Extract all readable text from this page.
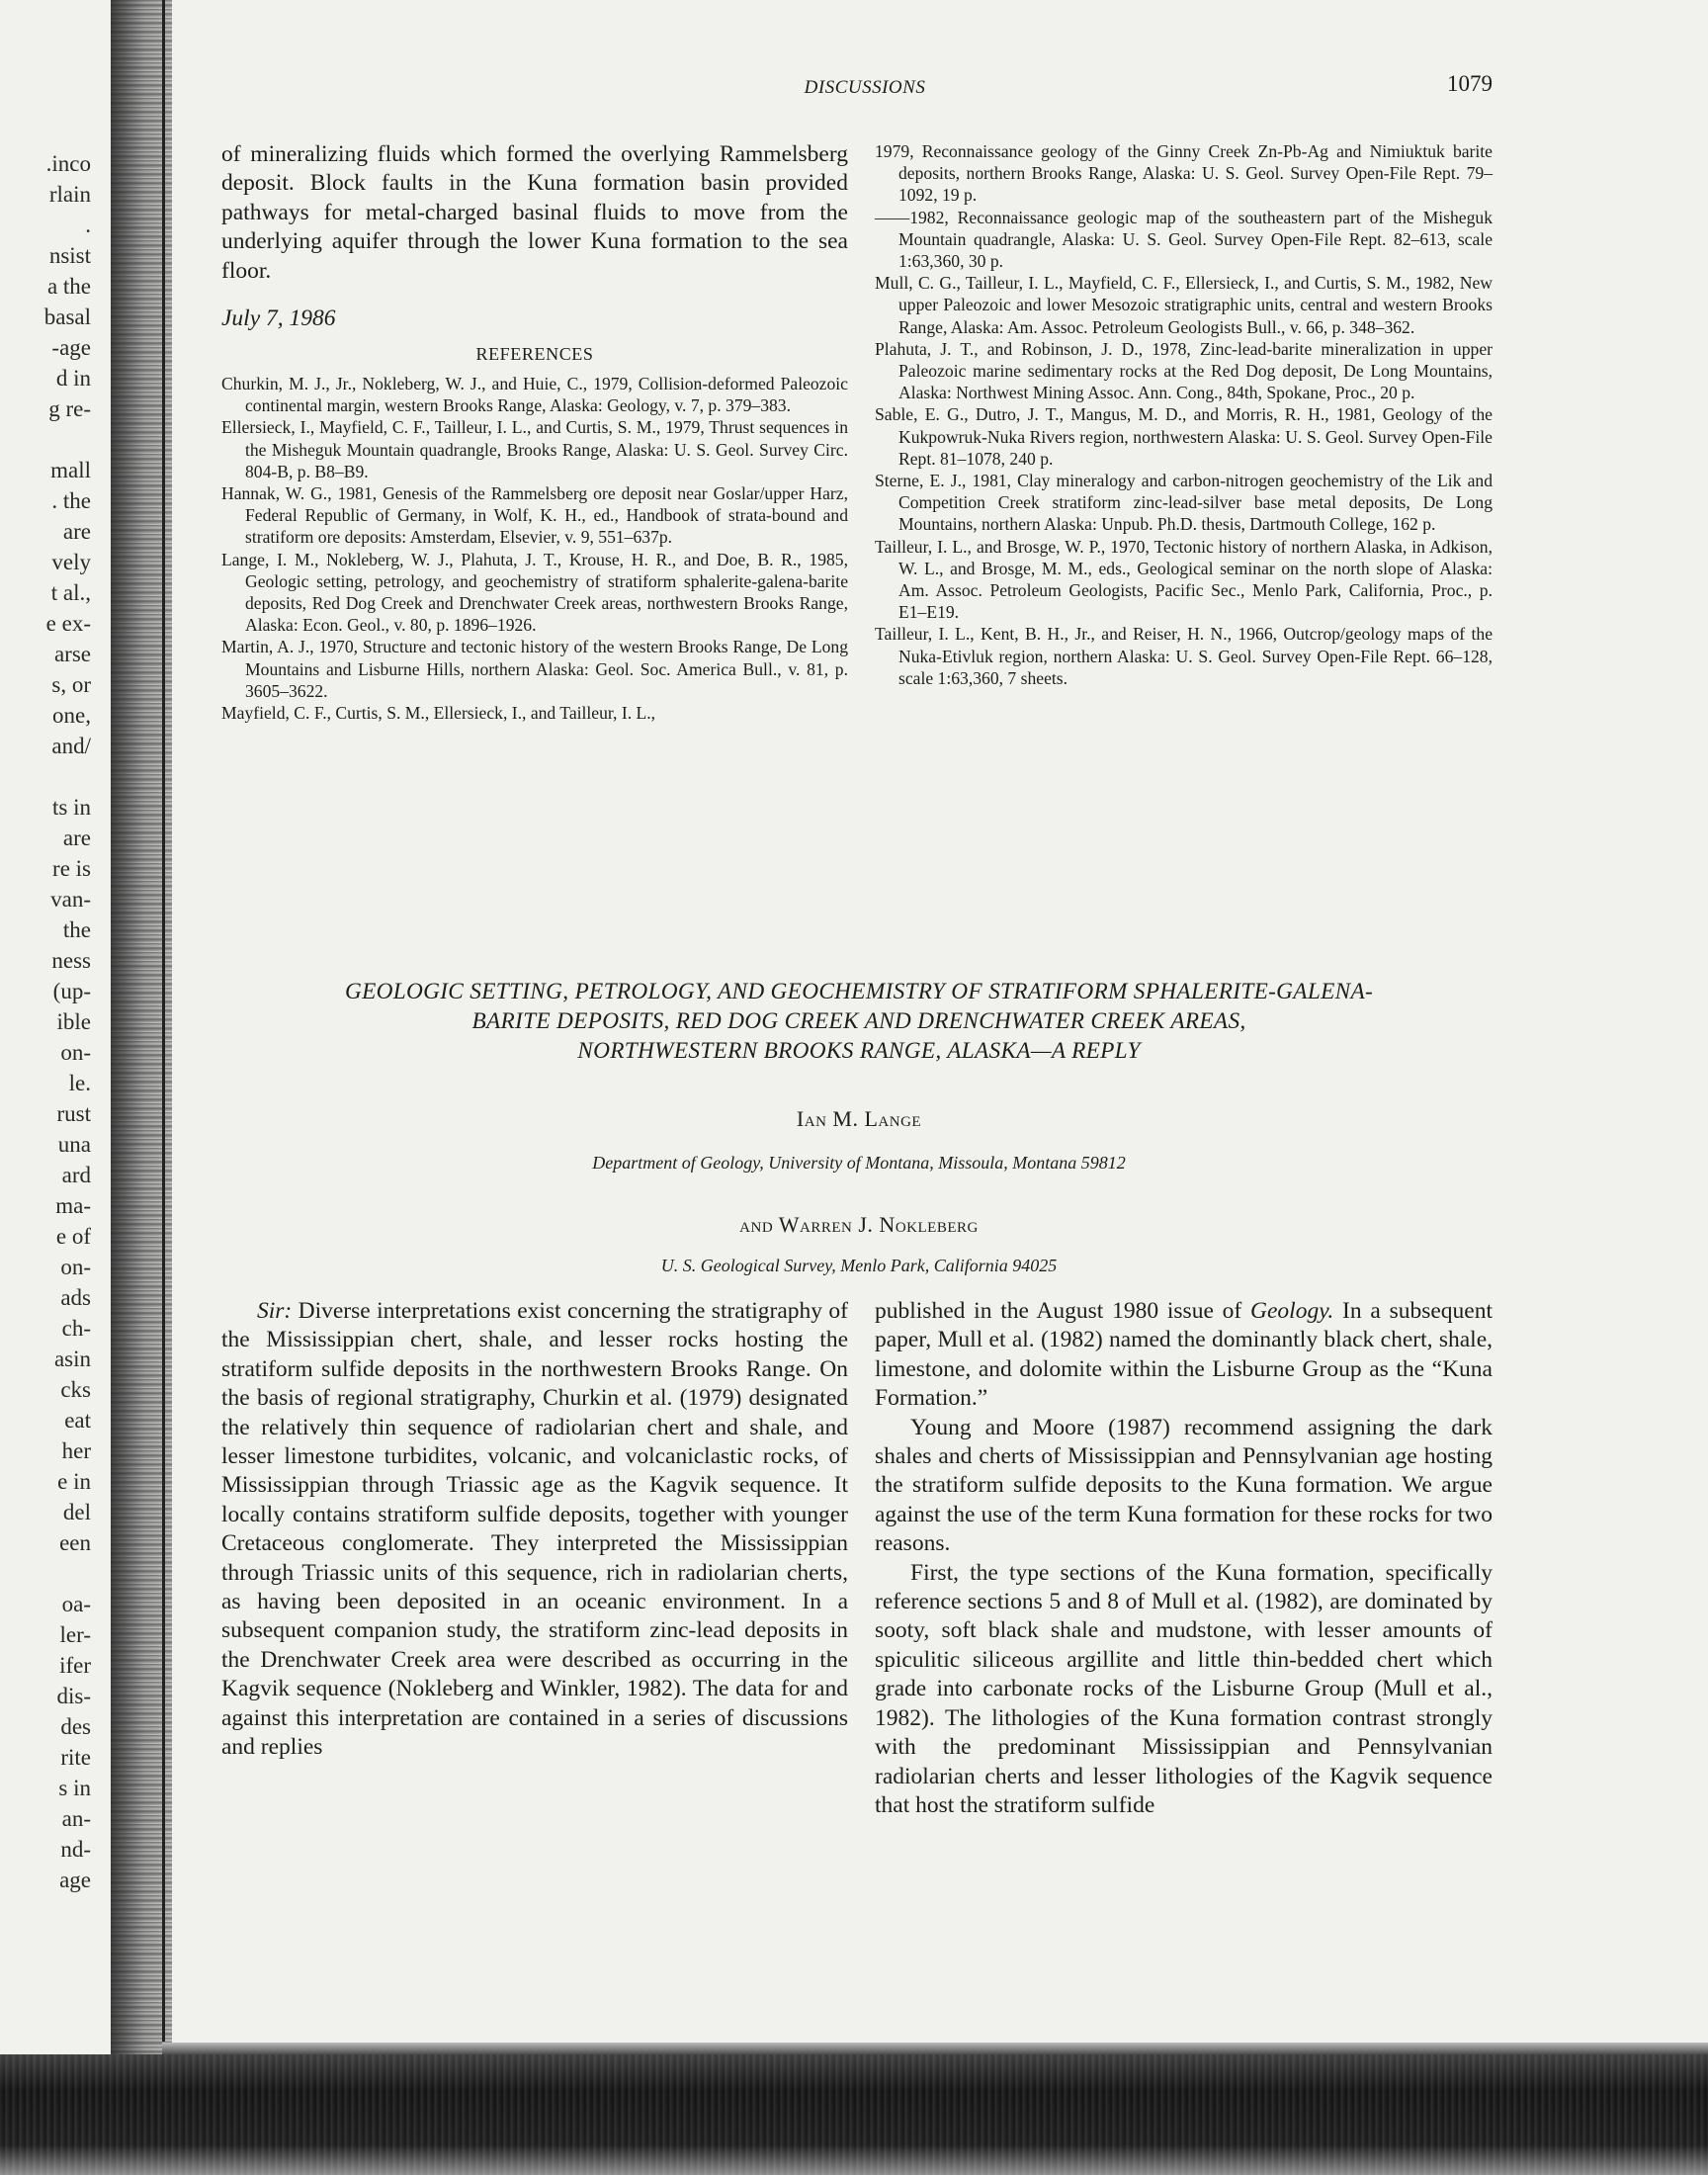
.inco
rlain
.
nsist
a the
basal
-age
d in
g re-
mall
. the
are
vely
t al.,
e ex-
arse
s, or
one,
and/
ts in
are
re is
van-
the
ness
(up-
ible
on-
le.
rust
una
ard
ma-
e of
on-
ads
ch-
asin
cks
eat
her
e in
del
een
oa-
ler-
ifer
dis-
des
rite
s in
an-
nd-
age
DISCUSSIONS	1079

of mineralizing fluids which formed the overlying Rammelsberg deposit. Block faults in the Kuna formation basin provided pathways for metal-charged basinal fluids to move from the underlying aquifer through the lower Kuna formation to the sea floor.

July 7, 1986
REFERENCES

Churkin, M. J., Jr., Nokleberg, W. J., and Huie, C., 1979, Collision-deformed Paleozoic continental margin, western Brooks Range, Alaska: Geology, v. 7, p. 379–383.

Ellersieck, I., Mayfield, C. F., Tailleur, I. L., and Curtis, S. M., 1979, Thrust sequences in the Misheguk Mountain quadrangle, Brooks Range, Alaska: U. S. Geol. Survey Circ. 804-B, p. B8–B9.

Hannak, W. G., 1981, Genesis of the Rammelsberg ore deposit near Goslar/upper Harz, Federal Republic of Germany, in Wolf, K. H., ed., Handbook of strata-bound and stratiform ore deposits: Amsterdam, Elsevier, v. 9, 551–637p.

Lange, I. M., Nokleberg, W. J., Plahuta, J. T., Krouse, H. R., and Doe, B. R., 1985, Geologic setting, petrology, and geochemistry of stratiform sphalerite-galena-barite deposits, Red Dog Creek and Drenchwater Creek areas, northwestern Brooks Range, Alaska: Econ. Geol., v. 80, p. 1896–1926.

Martin, A. J., 1970, Structure and tectonic history of the western Brooks Range, De Long Mountains and Lisburne Hills, northern Alaska: Geol. Soc. America Bull., v. 81, p. 3605–3622.

Mayfield, C. F., Curtis, S. M., Ellersieck, I., and Tailleur, I. L.,

1979, Reconnaissance geology of the Ginny Creek Zn-Pb-Ag and Nimiuktuk barite deposits, northern Brooks Range, Alaska: U. S. Geol. Survey Open-File Rept. 79–1092, 19 p.

——1982, Reconnaissance geologic map of the southeastern part of the Misheguk Mountain quadrangle, Alaska: U. S. Geol. Survey Open-File Rept. 82–613, scale 1:63,360, 30 p.

Mull, C. G., Tailleur, I. L., Mayfield, C. F., Ellersieck, I., and Curtis, S. M., 1982, New upper Paleozoic and lower Mesozoic stratigraphic units, central and western Brooks Range, Alaska: Am. Assoc. Petroleum Geologists Bull., v. 66, p. 348–362.

Plahuta, J. T., and Robinson, J. D., 1978, Zinc-lead-barite mineralization in upper Paleozoic marine sedimentary rocks at the Red Dog deposit, De Long Mountains, Alaska: Northwest Mining Assoc. Ann. Cong., 84th, Spokane, Proc., 20 p.

Sable, E. G., Dutro, J. T., Mangus, M. D., and Morris, R. H., 1981, Geology of the Kukpowruk-Nuka Rivers region, northwestern Alaska: U. S. Geol. Survey Open-File Rept. 81–1078, 240 p.

Sterne, E. J., 1981, Clay mineralogy and carbon-nitrogen geochemistry of the Lik and Competition Creek stratiform zinc-lead-silver base metal deposits, De Long Mountains, northern Alaska: Unpub. Ph.D. thesis, Dartmouth College, 162 p.

Tailleur, I. L., and Brosge, W. P., 1970, Tectonic history of northern Alaska, in Adkison, W. L., and Brosge, M. M., eds., Geological seminar on the north slope of Alaska: Am. Assoc. Petroleum Geologists, Pacific Sec., Menlo Park, California, Proc., p. E1–E19.

Tailleur, I. L., Kent, B. H., Jr., and Reiser, H. N., 1966, Outcrop/geology maps of the Nuka-Etivluk region, northern Alaska: U. S. Geol. Survey Open-File Rept. 66–128, scale 1:63,360, 7 sheets.

GEOLOGIC SETTING, PETROLOGY, AND GEOCHEMISTRY OF STRATIFORM SPHALERITE-GALENA-
BARITE DEPOSITS, RED DOG CREEK AND DRENCHWATER CREEK AREAS,
NORTHWESTERN BROOKS RANGE, ALASKA—A REPLY
Ian M. Lange
Department of Geology, University of Montana, Missoula, Montana 59812
and Warren J. Nokleberg
U. S. Geological Survey, Menlo Park, California 94025

Sir: Diverse interpretations exist concerning the stratigraphy of the Mississippian chert, shale, and lesser rocks hosting the stratiform sulfide deposits in the northwestern Brooks Range. On the basis of regional stratigraphy, Churkin et al. (1979) designated the relatively thin sequence of radiolarian chert and shale, and lesser limestone turbidites, volcanic, and volcaniclastic rocks, of Mississippian through Triassic age as the Kagvik sequence. It locally contains stratiform sulfide deposits, together with younger Cretaceous conglomerate. They interpreted the Mississippian through Triassic units of this sequence, rich in radiolarian cherts, as having been deposited in an oceanic environment. In a subsequent companion study, the stratiform zinc-lead deposits in the Drenchwater Creek area were described as occurring in the Kagvik sequence (Nokleberg and Winkler, 1982). The data for and against this interpretation are contained in a series of discussions and replies

published in the August 1980 issue of Geology. In a subsequent paper, Mull et al. (1982) named the dominantly black chert, shale, limestone, and dolomite within the Lisburne Group as the “Kuna Formation.”

Young and Moore (1987) recommend assigning the dark shales and cherts of Mississippian and Pennsylvanian age hosting the stratiform sulfide deposits to the Kuna formation. We argue against the use of the term Kuna formation for these rocks for two reasons.

First, the type sections of the Kuna formation, specifically reference sections 5 and 8 of Mull et al. (1982), are dominated by sooty, soft black shale and mudstone, with lesser amounts of spiculitic siliceous argillite and little thin-bedded chert which grade into carbonate rocks of the Lisburne Group (Mull et al., 1982). The lithologies of the Kuna formation contrast strongly with the predominant Mississippian and Pennsylvanian radiolarian cherts and lesser lithologies of the Kagvik sequence that host the stratiform sulfide
